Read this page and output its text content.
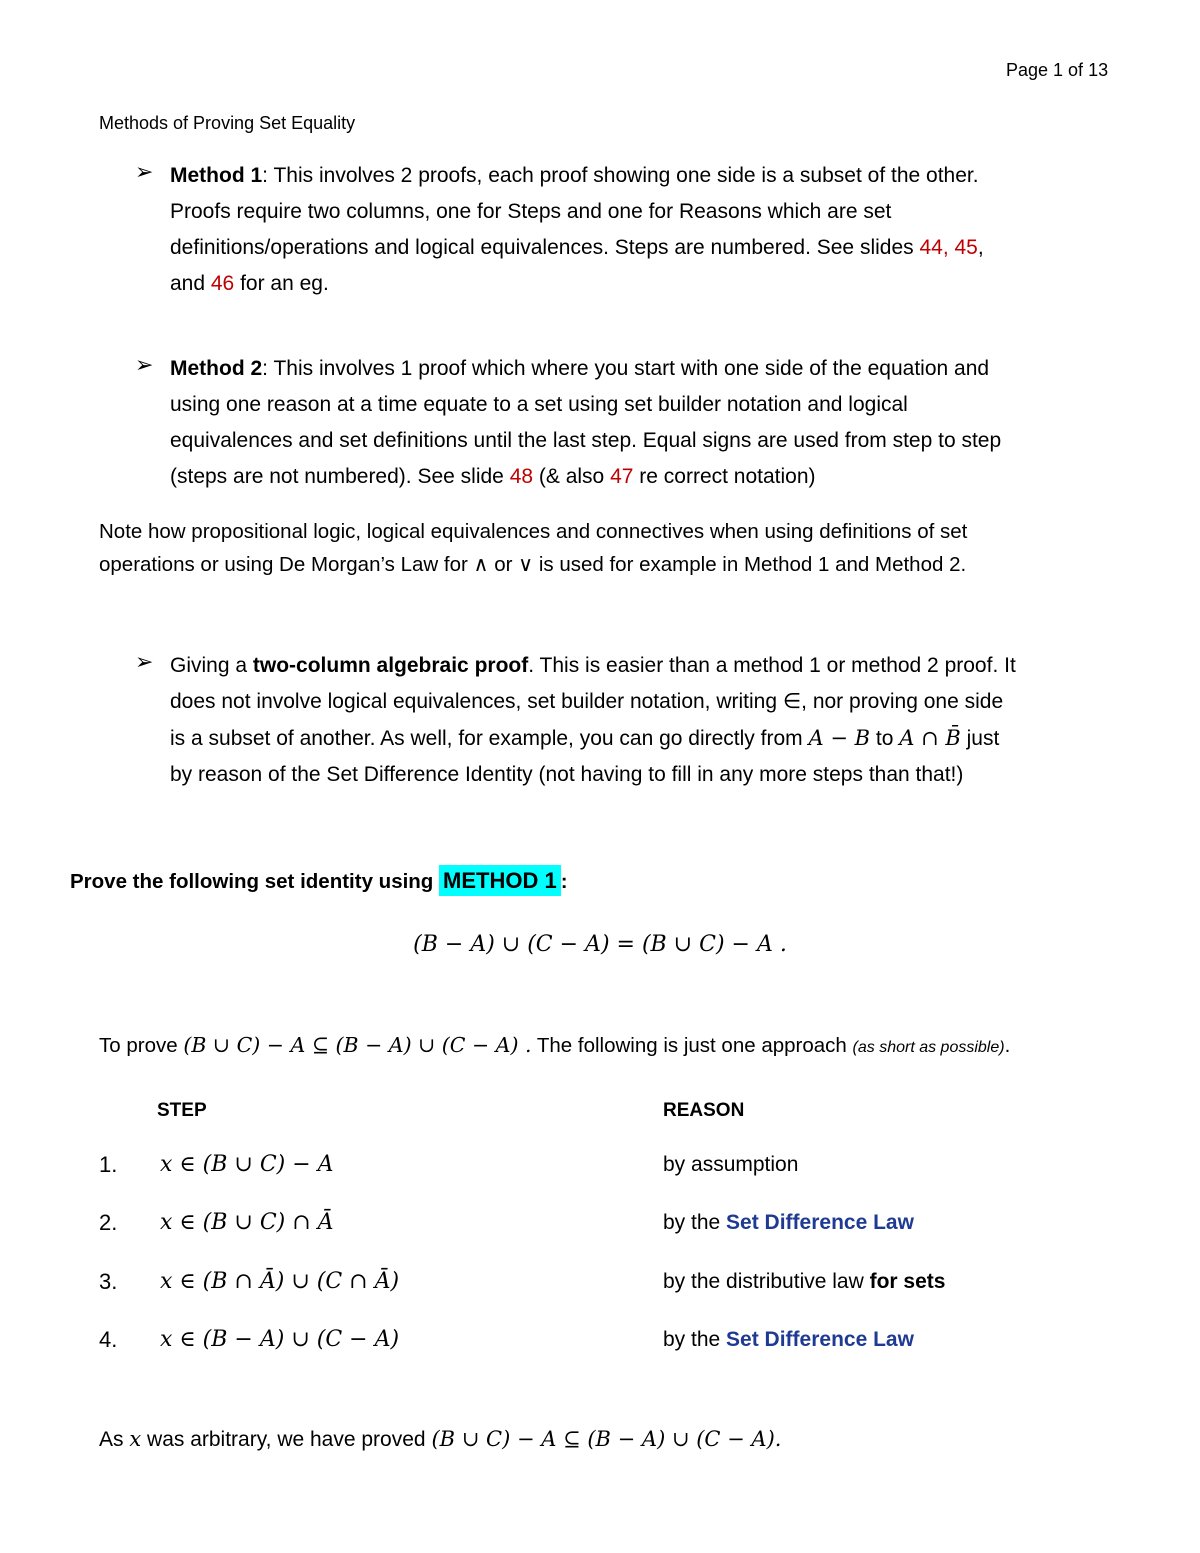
Page 1 of 13
Methods of Proving Set Equality
➢ Method 1: This involves 2 proofs, each proof showing one side is a subset of the other.
Proofs require two columns, one for Steps and one for Reasons which are set
definitions/operations and logical equivalences. Steps are numbered. See slides 44, 45,
and 46 for an eg.
➢ Method 2: This involves 1 proof which where you start with one side of the equation and
using one reason at a time equate to a set using set builder notation and logical
equivalences and set definitions until the last step. Equal signs are used from step to step
(steps are not numbered). See slide 48 (& also 47 re correct notation)
Note how propositional logic, logical equivalences and connectives when using definitions of set
operations or using De Morgan’s Law for ∧ or ∨ is used for example in Method 1 and Method 2.
➢ Giving a two-column algebraic proof. This is easier than a method 1 or method 2 proof. It
does not involve logical equivalences, set builder notation, writing ∈, nor proving one side
is a subset of another. As well, for example, you can go directly from A − B to A ∩ B̄ just
by reason of the Set Difference Identity (not having to fill in any more steps than that!)
Prove the following set identity using METHOD 1 :
(B − A) ∪ (C − A) = (B ∪ C) − A .
To prove (B ∪ C) − A ⊆ (B − A) ∪ (C − A) . The following is just one approach (as short as possible).
STEP	REASON
1. x ∈ (B ∪ C) − A	by assumption
2. x ∈ (B ∪ C) ∩ Ā	by the Set Difference Law
3. x ∈ (B ∩ Ā) ∪ (C ∩ Ā)	by the distributive law for sets
4. x ∈ (B − A) ∪ (C − A)	by the Set Difference Law
As x was arbitrary, we have proved (B ∪ C) − A ⊆ (B − A) ∪ (C − A).
